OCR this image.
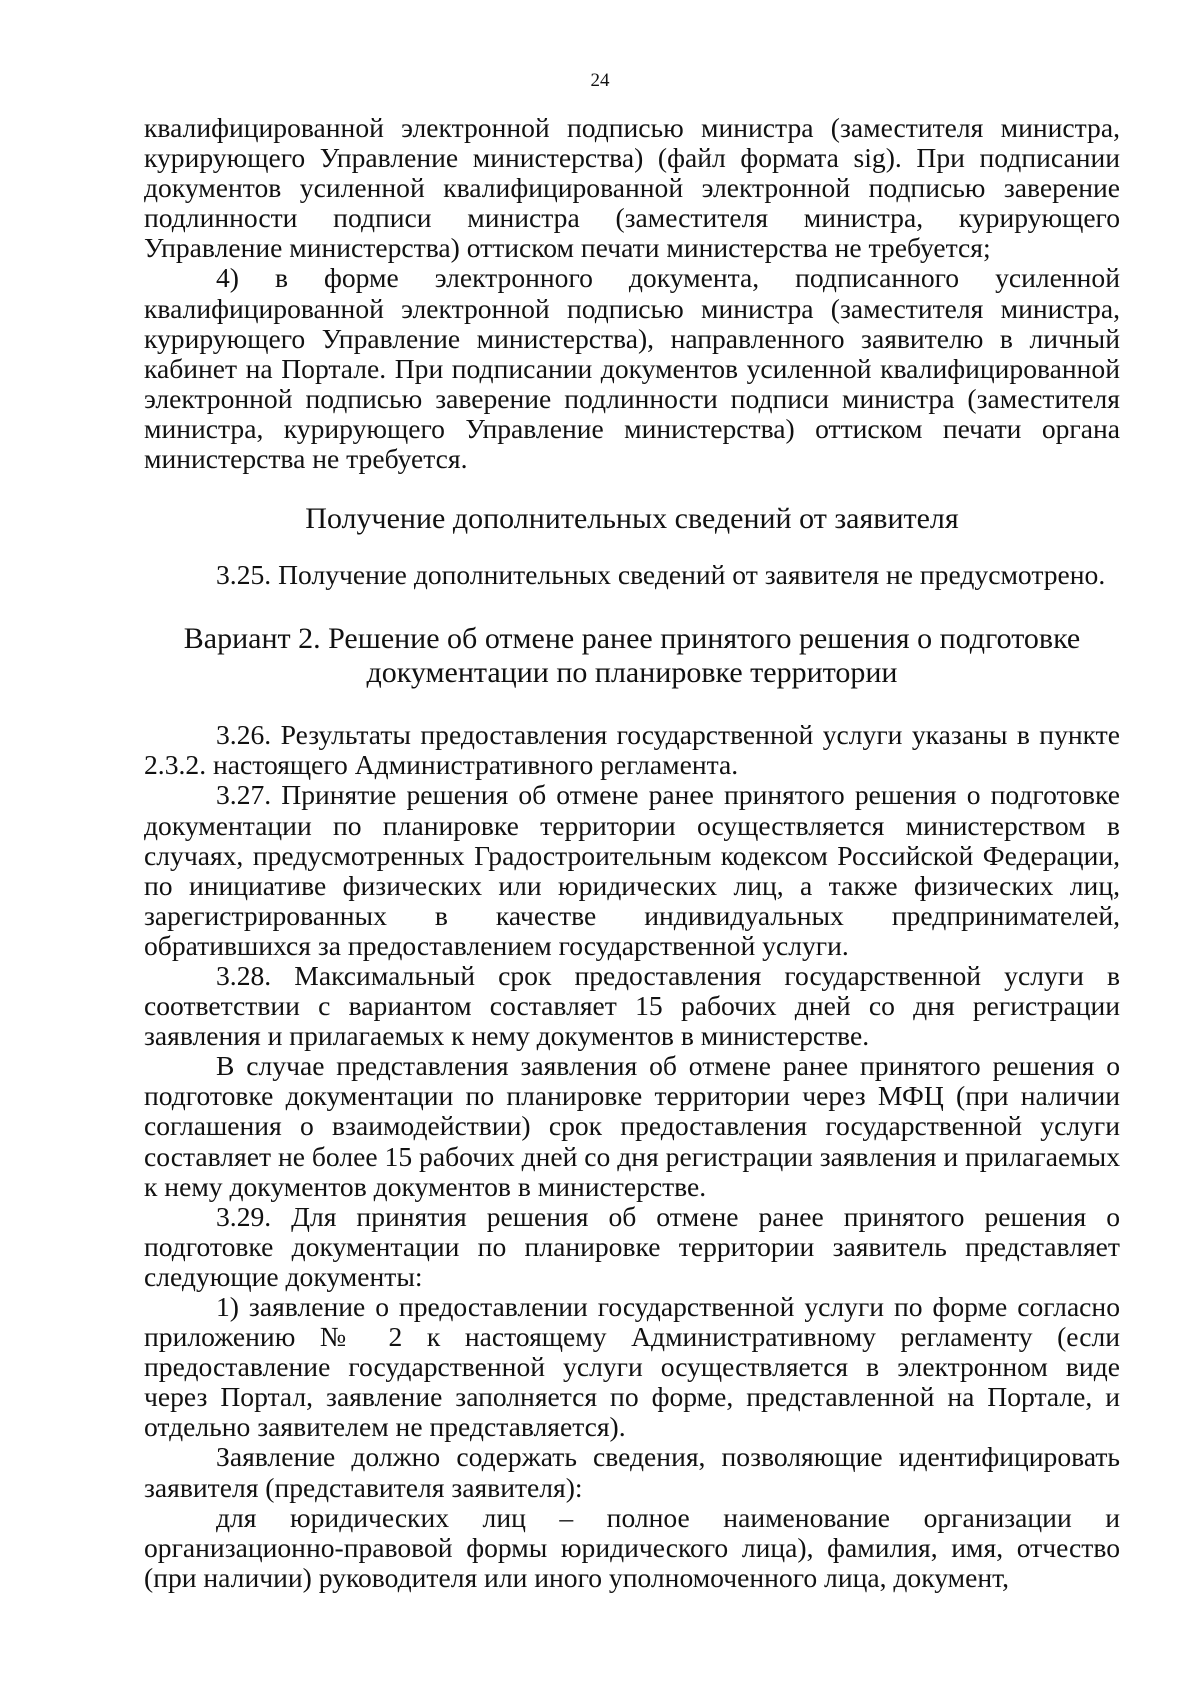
24

квалифицированной электронной подписью министра (заместителя министра, курирующего Управление министерства) (файл формата sig). При подписании документов усиленной квалифицированной электронной подписью заверение подлинности подписи министра (заместителя министра, курирующего Управление министерства) оттиском печати министерства не требуется;

4) в форме электронного документа, подписанного усиленной квалифицированной электронной подписью министра (заместителя министра, курирующего Управление министерства), направленного заявителю в личный кабинет на Портале. При подписании документов усиленной квалифицированной электронной подписью заверение подлинности подписи министра (заместителя министра, курирующего Управление министерства) оттиском печати органа министерства не требуется.

Получение дополнительных сведений от заявителя

3.25. Получение дополнительных сведений от заявителя не предусмотрено.

Вариант 2. Решение об отмене ранее принятого решения о подготовке документации по планировке территории

3.26. Результаты предоставления государственной услуги указаны в пункте 2.3.2. настоящего Административного регламента.

3.27. Принятие решения об отмене ранее принятого решения о подготовке документации по планировке территории осуществляется министерством в случаях, предусмотренных Градостроительным кодексом Российской Федерации, по инициативе физических или юридических лиц, а также физических лиц, зарегистрированных в качестве индивидуальных предпринимателей, обратившихся за предоставлением государственной услуги.

3.28. Максимальный срок предоставления государственной услуги в соответствии с вариантом составляет 15 рабочих дней со дня регистрации заявления и прилагаемых к нему документов в министерстве.

В случае представления заявления об отмене ранее принятого решения о подготовке документации по планировке территории через МФЦ (при наличии соглашения о взаимодействии) срок предоставления государственной услуги составляет не более 15 рабочих дней со дня регистрации заявления и прилагаемых к нему документов документов в министерстве.

3.29. Для принятия решения об отмене ранее принятого решения о подготовке документации по планировке территории заявитель представляет следующие документы:

1) заявление о предоставлении государственной услуги по форме согласно приложению № 2 к настоящему Административному регламенту (если предоставление государственной услуги осуществляется в электронном виде через Портал, заявление заполняется по форме, представленной на Портале, и отдельно заявителем не представляется).

Заявление должно содержать сведения, позволяющие идентифицировать заявителя (представителя заявителя):

для юридических лиц – полное наименование организации и организационно-правовой формы юридического лица), фамилия, имя, отчество (при наличии) руководителя или иного уполномоченного лица, документ,
